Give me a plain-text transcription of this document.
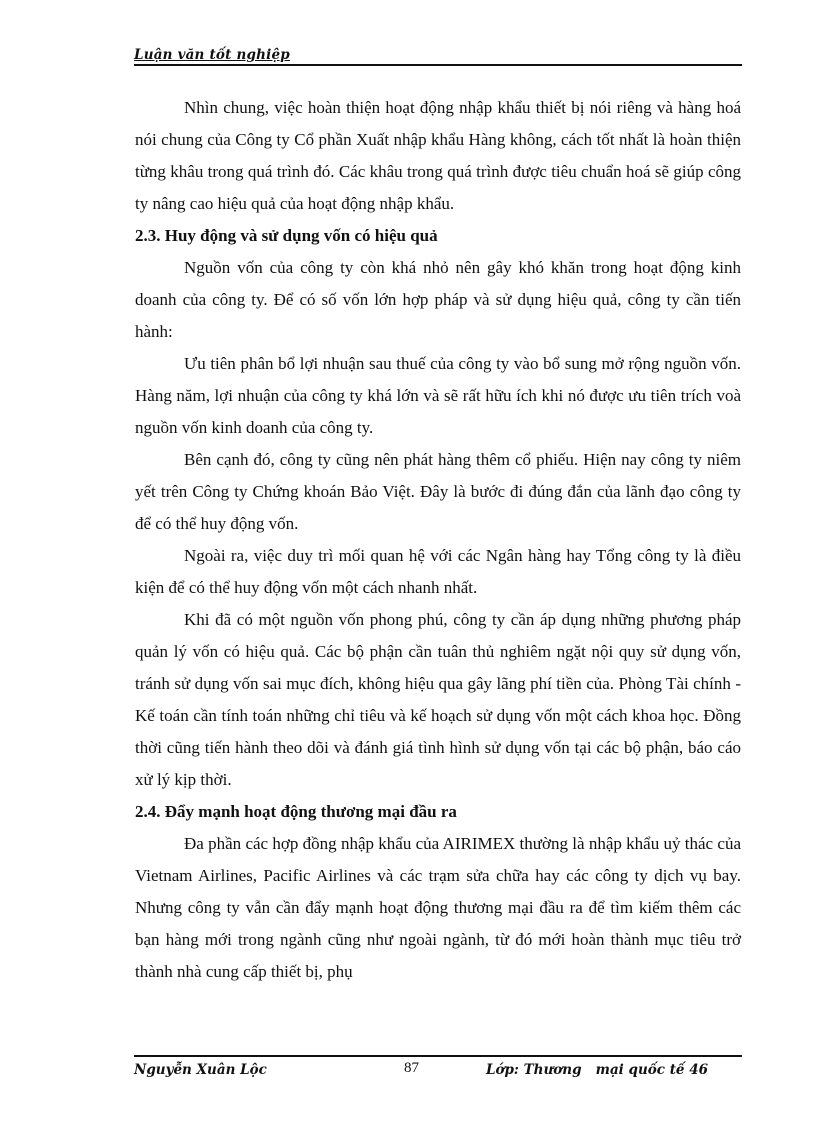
Luận văn tốt nghiệp

Nhìn chung, việc hoàn thiện hoạt động nhập khẩu thiết bị nói riêng và hàng hoá nói chung của Công ty Cổ phần Xuất nhập khẩu Hàng không, cách tốt nhất là hoàn thiện từng khâu trong quá trình đó. Các khâu trong quá trình được tiêu chuẩn hoá sẽ giúp công ty nâng cao hiệu quả của hoạt động nhập khẩu.

2.3. Huy động và sử dụng vốn có hiệu quả

Nguồn vốn của công ty còn khá nhỏ nên gây khó khăn trong hoạt động kinh doanh của công ty. Để có số vốn lớn hợp pháp và sử dụng hiệu quả, công ty cần tiến hành:

Ưu tiên phân bổ lợi nhuận sau thuế của công ty vào bổ sung mở rộng nguồn vốn. Hàng năm, lợi nhuận của công ty khá lớn và sẽ rất hữu ích khi nó được ưu tiên trích voà nguồn vốn kinh doanh của công ty.

Bên cạnh đó, công ty cũng nên phát hàng thêm cổ phiếu. Hiện nay công ty niêm yết trên Công ty Chứng khoán Bảo Việt. Đây là bước đi đúng đắn của lãnh đạo công ty để có thể huy động vốn.

Ngoài ra, việc duy trì mối quan hệ với các Ngân hàng hay Tổng công ty là điều kiện để có thể huy động vốn một cách nhanh nhất.

Khi đã có một nguồn vốn phong phú, công ty cần áp dụng những phương pháp quản lý vốn có hiệu quả. Các bộ phận cần tuân thủ nghiêm ngặt nội quy sử dụng vốn, tránh sử dụng vốn sai mục đích, không hiệu qua gây lãng phí tiền của. Phòng Tài chính - Kế toán cần tính toán những chỉ tiêu và kế hoạch sử dụng vốn một cách khoa học. Đồng thời cũng tiến hành theo dõi và đánh giá tình hình sử dụng vốn tại các bộ phận, báo cáo xử lý kịp thời.

2.4. Đẩy mạnh hoạt động thương mại đầu ra

Đa phần các hợp đồng nhập khẩu của AIRIMEX thường là nhập khẩu uỷ thác của Vietnam Airlines, Pacific Airlines và các trạm sửa chữa hay các công ty dịch vụ bay. Nhưng công ty vẫn cần đẩy mạnh hoạt động thương mại đầu ra để tìm kiếm thêm các bạn hàng mới trong ngành cũng như ngoài ngành, từ đó mới hoàn thành mục tiêu trở thành nhà cung cấp thiết bị, phụ

Nguyễn Xuân Lộc	87	Lớp: Thương   mại quốc tế 46
